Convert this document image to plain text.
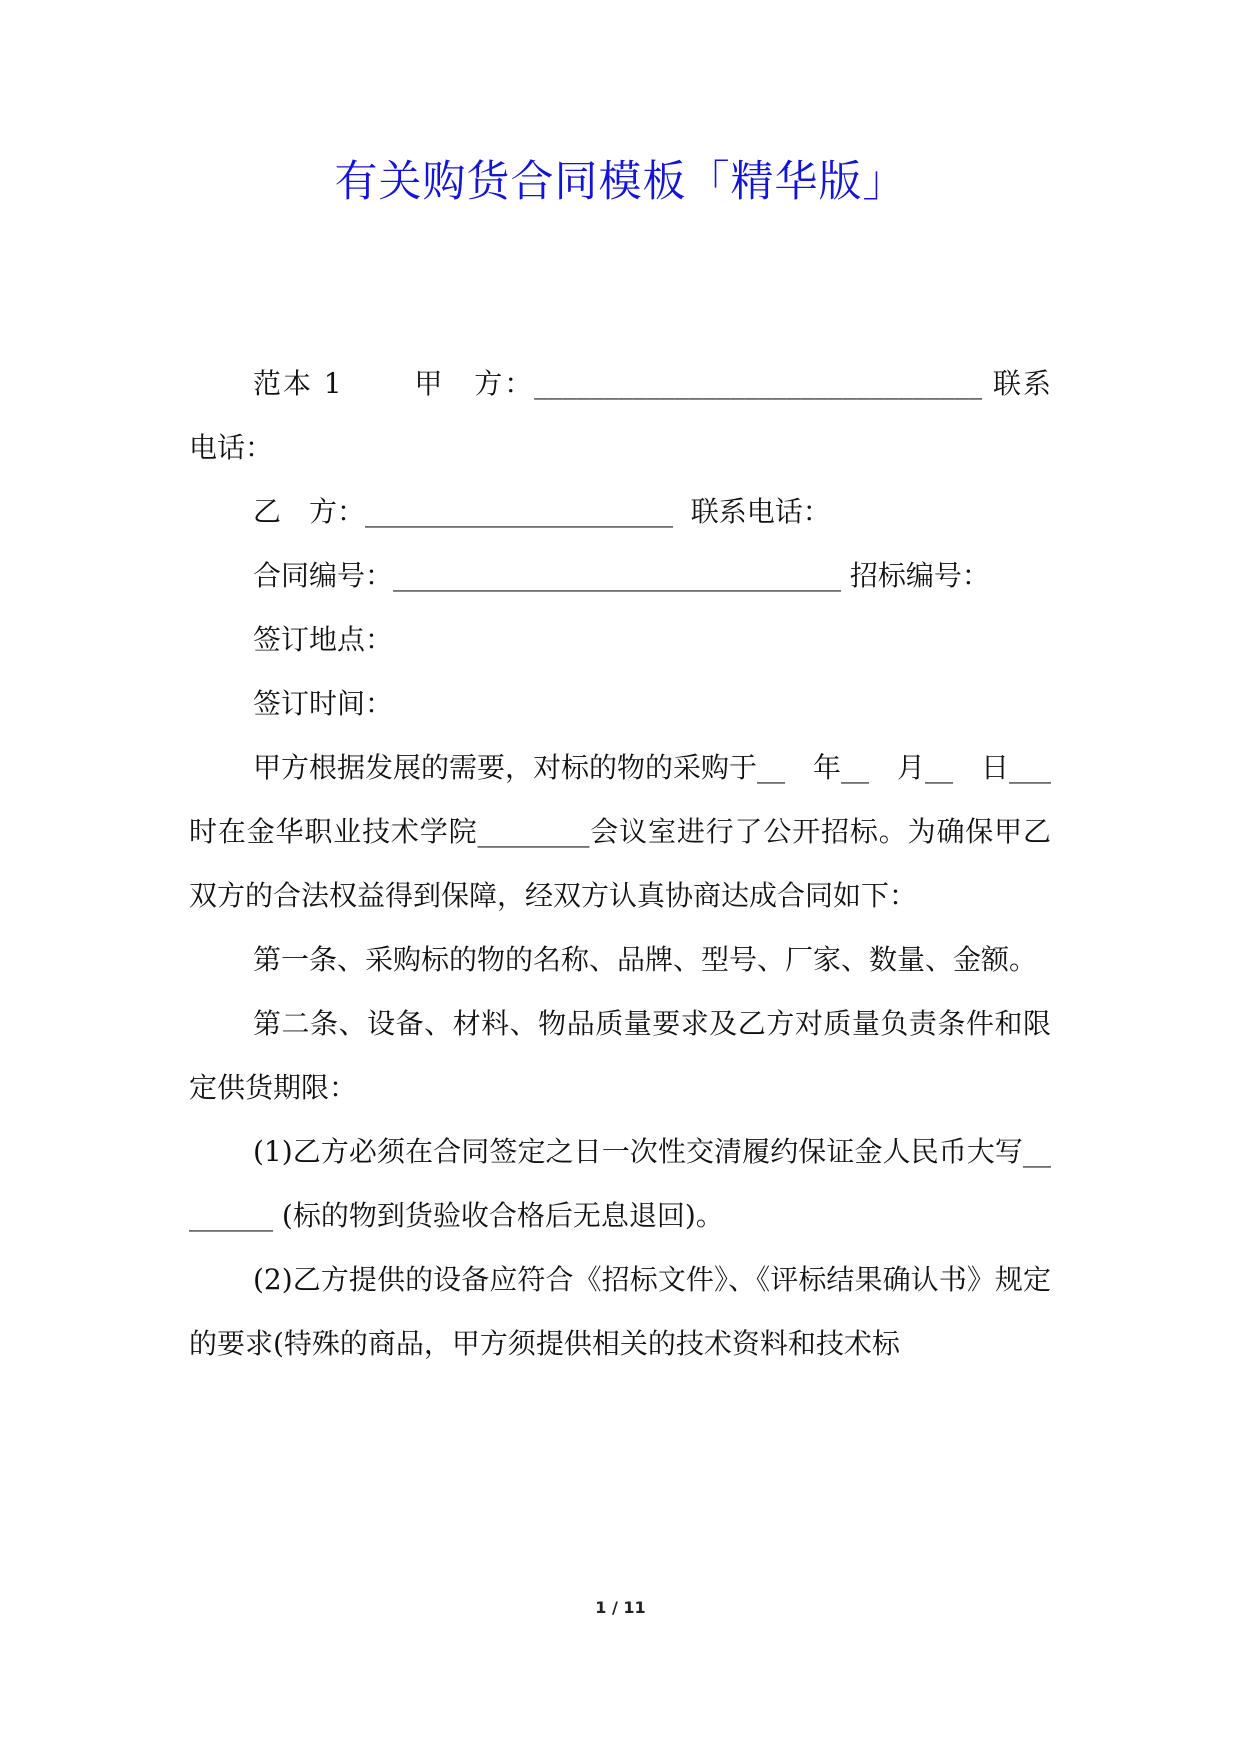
有关购货合同模板「精华版」

范本 1　　 甲　方：________________________________ 联系电话：

乙　方：______________________  联系电话：

合同编号：________________________________ 招标编号：

签订地点：

签订时间：

甲方根据发展的需要，对标的物的采购于__　年__　月__　日___时在金华职业技术学院________会议室进行了公开招标。为确保甲乙双方的合法权益得到保障，经双方认真协商达成合同如下：

第一条、采购标的物的名称、品牌、型号、厂家、数量、金额。

第二条、设备、材料、物品质量要求及乙方对质量负责条件和限定供货期限：

(1)乙方必须在合同签定之日一次性交清履约保证金人民币大写________ (标的物到货验收合格后无息退回)。

(2)乙方提供的设备应符合《招标文件》、《评标结果确认书》规定的要求(特殊的商品，甲方须提供相关的技术资料和技术标

1 / 11
